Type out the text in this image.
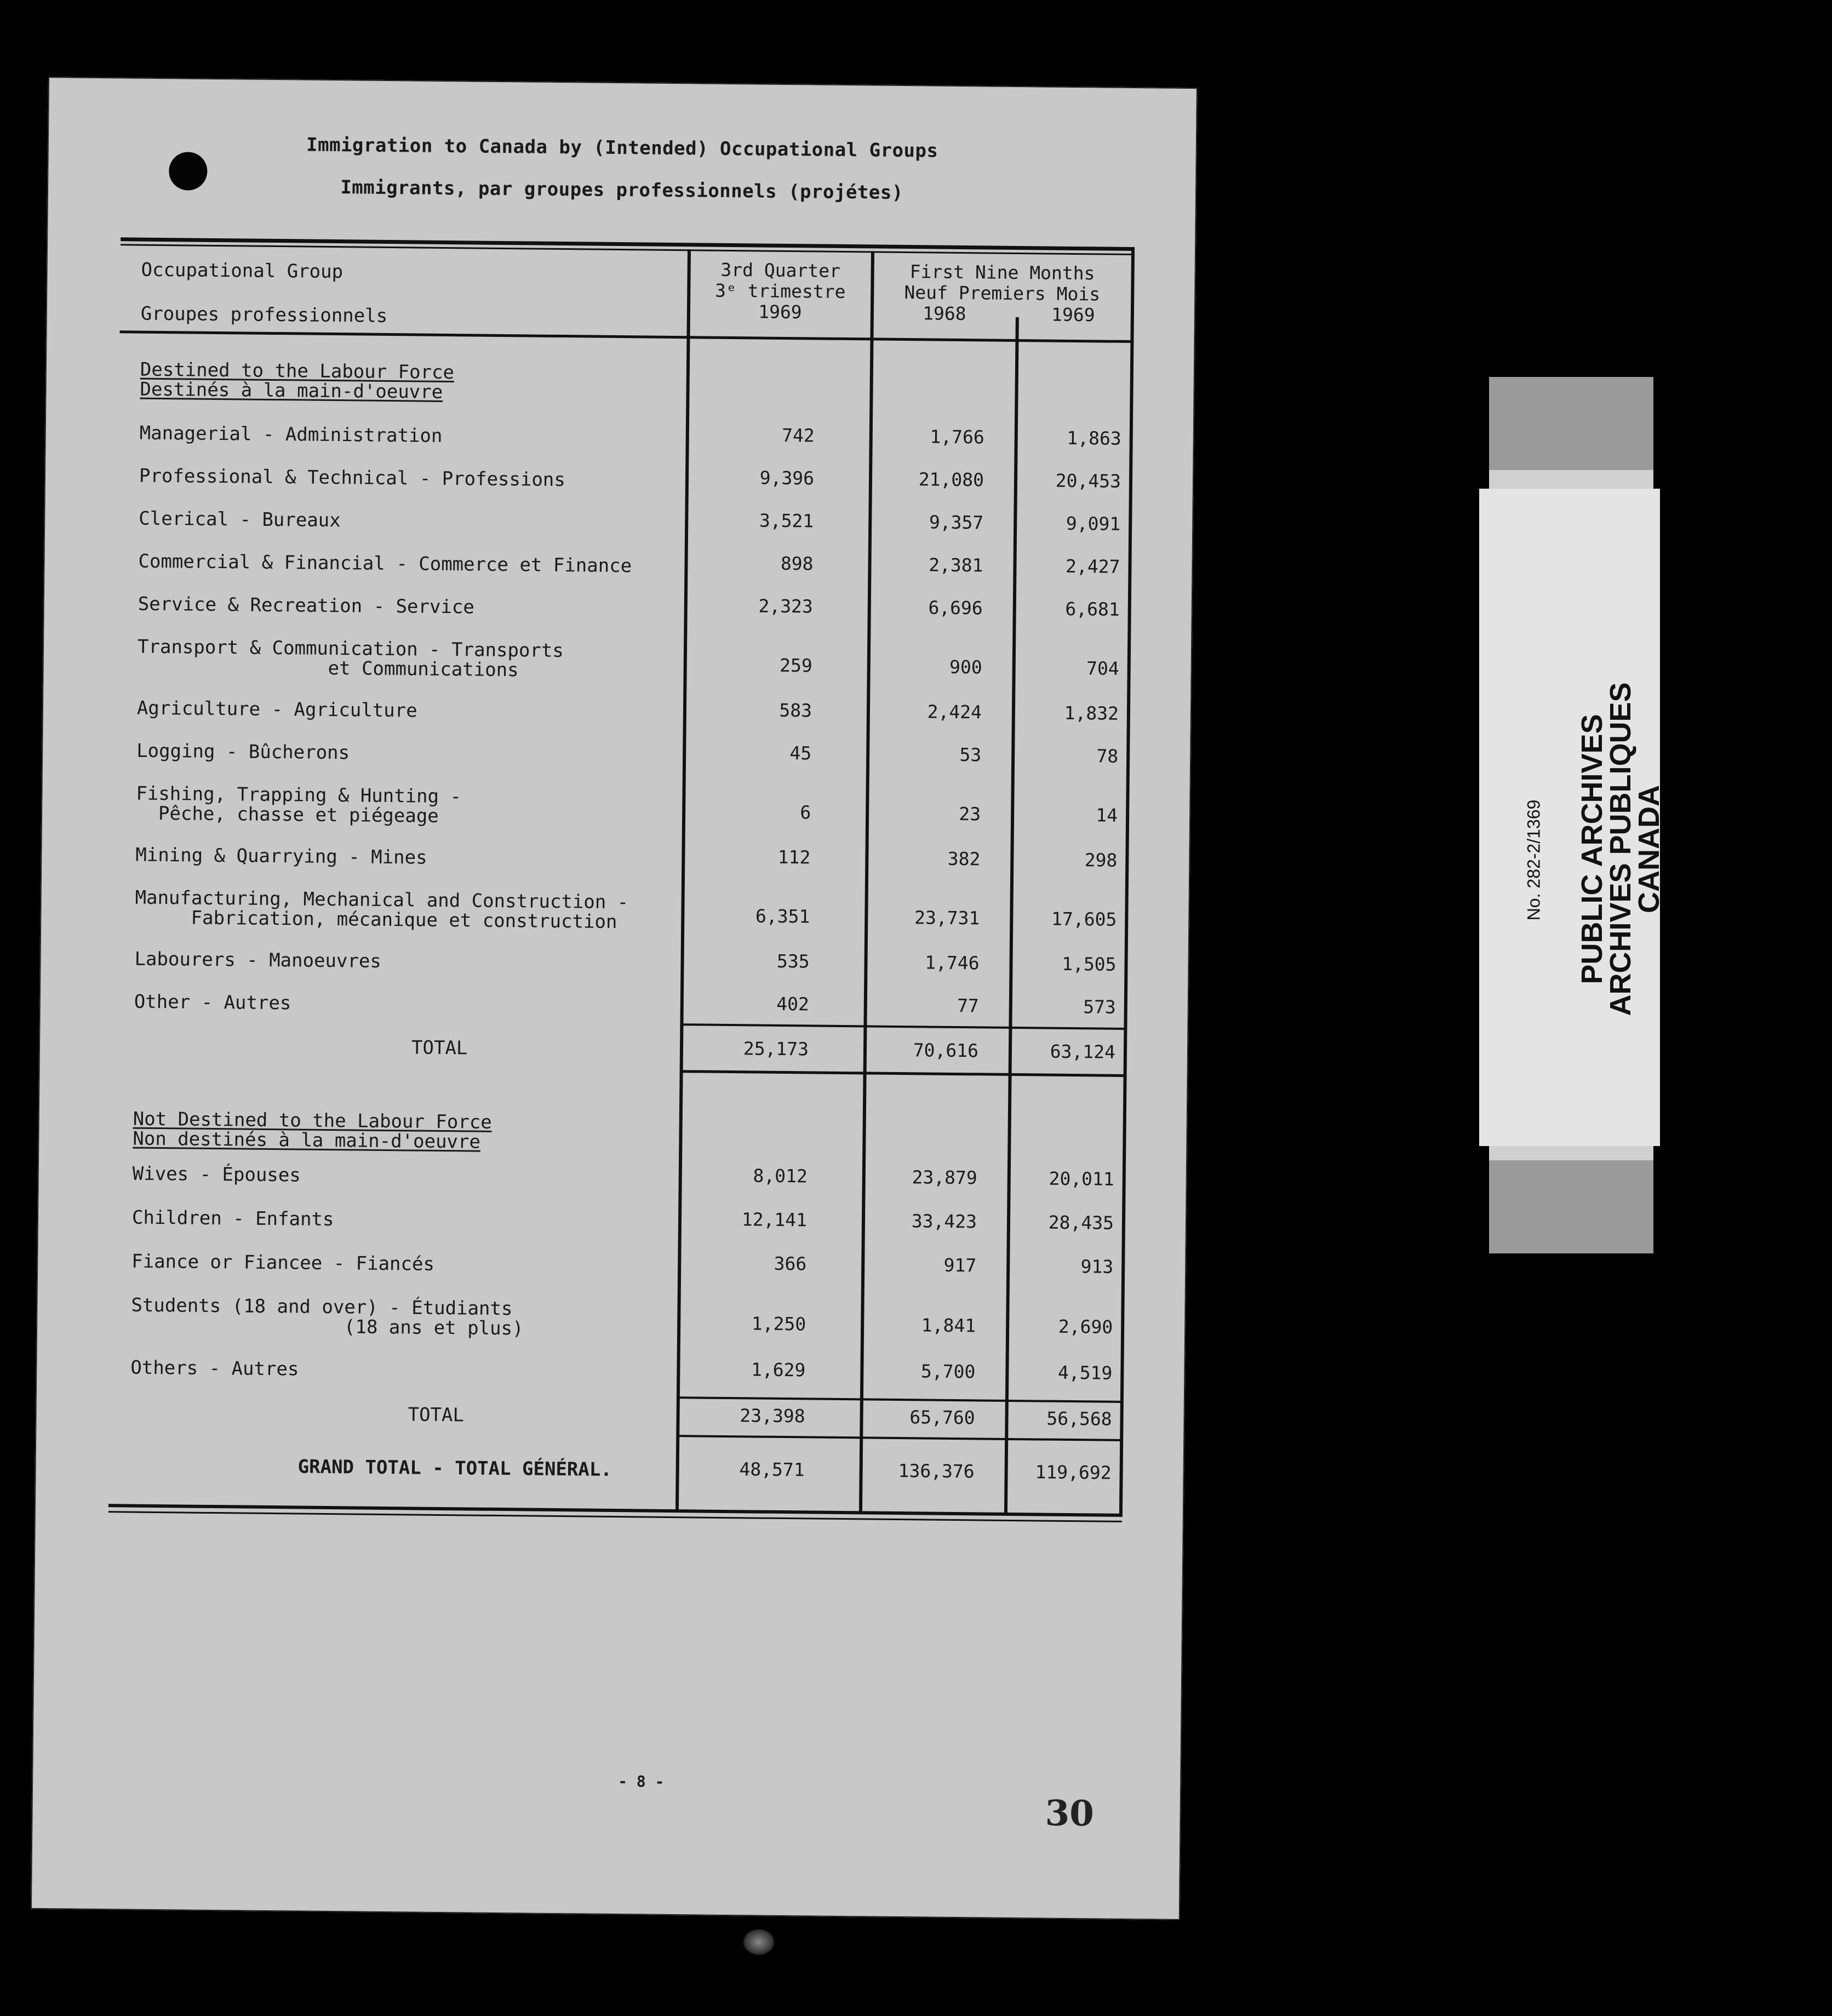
Immigration to Canada by (Intended) Occupational Groups
Immigrants, par groupes professionnels (projétes)
Occupational Group
Groupes professionnels
3rd Quarter
3ᵉ trimestre
1969
First Nine Months
Neuf Premiers Mois
1968	1969
Destined to the Labour Force
Destinés à la main-d'oeuvre
Managerial - Administration	742	1,766	1,863
Professional & Technical - Professions	9,396	21,080	20,453
Clerical - Bureaux	3,521	9,357	9,091
Commercial & Financial - Commerce et Finance	898	2,381	2,427
Service & Recreation - Service	2,323	6,696	6,681
Transport & Communication - Transports
et Communications	259	900	704
Agriculture - Agriculture	583	2,424	1,832
Logging - Bûcherons	45	53	78
Fishing, Trapping & Hunting -
Pêche, chasse et piégeage	6	23	14
Mining & Quarrying - Mines	112	382	298
Manufacturing, Mechanical and Construction -
Fabrication, mécanique et construction	6,351	23,731	17,605
Labourers - Manoeuvres	535	1,746	1,505
Other - Autres	402	77	573
TOTAL	25,173	70,616	63,124
Not Destined to the Labour Force
Non destinés à la main-d'oeuvre
Wives - Épouses	8,012	23,879	20,011
Children - Enfants	12,141	33,423	28,435
Fiance or Fiancee - Fiancés	366	917	913
Students (18 and over) - Étudiants
(18 ans et plus)	1,250	1,841	2,690
Others - Autres	1,629	5,700	4,519
TOTAL	23,398	65,760	56,568
GRAND TOTAL - TOTAL GÉNÉRAL.	48,571	136,376	119,692
- 8 -
30
No. 282-2/1369 PUBLIC ARCHIVES
ARCHIVES PUBLIQUES
CANADA
